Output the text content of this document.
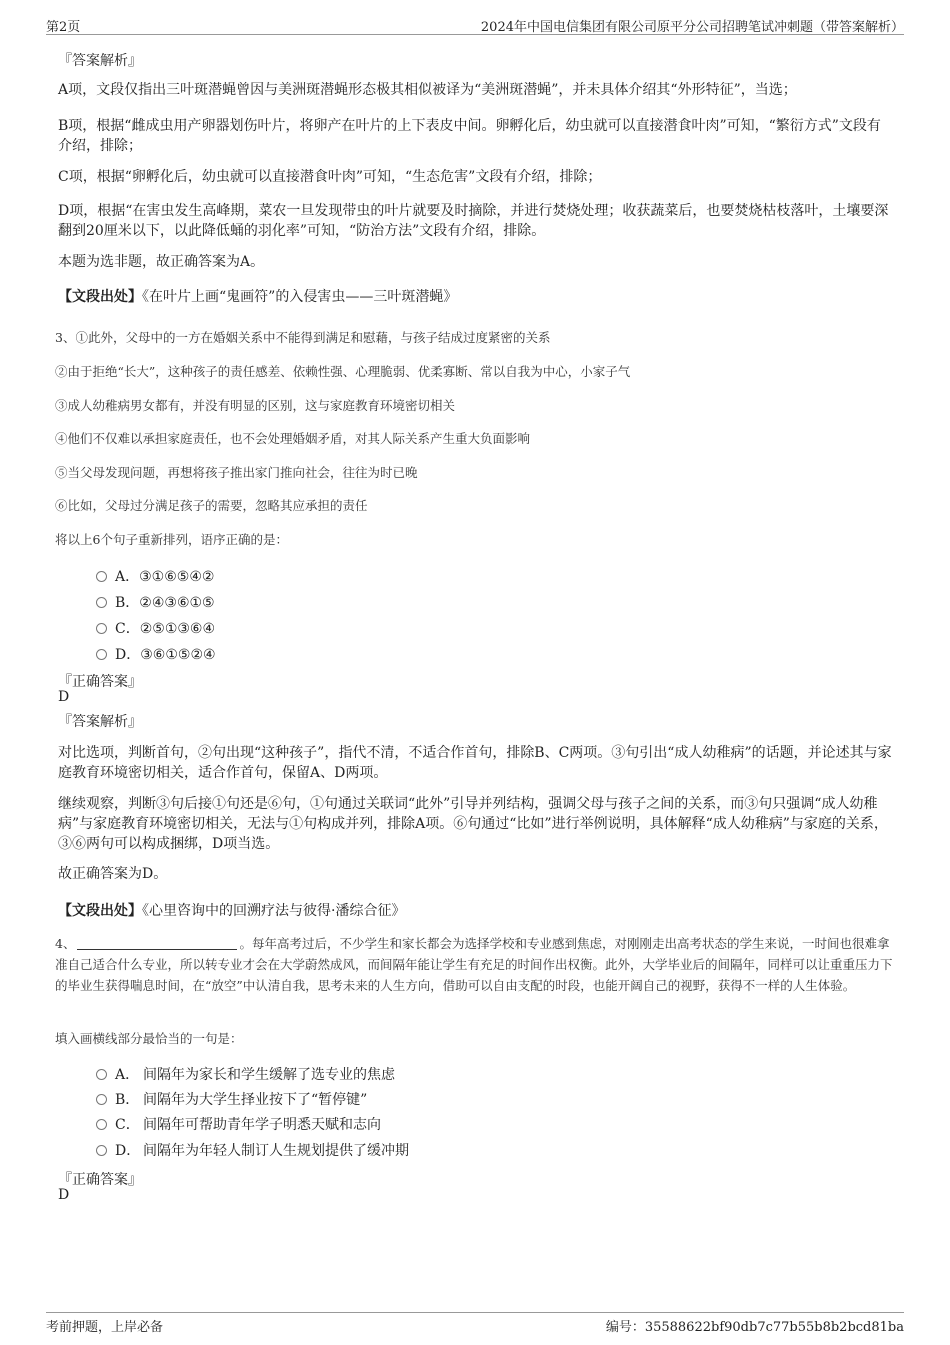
第2页	2024年中国电信集团有限公司原平分公司招聘笔试冲刺题（带答案解析）
『答案解析』
A项，文段仅指出三叶斑潜蝇曾因与美洲斑潜蝇形态极其相似被译为“美洲斑潜蝇”，并未具体介绍其“外形特征”，当选；
B项，根据“雌成虫用产卵器划伤叶片，将卵产在叶片的上下表皮中间。卵孵化后，幼虫就可以直接潜食叶肉”可知，“繁衍方式”文段有介绍，排除；
C项，根据“卵孵化后，幼虫就可以直接潜食叶肉”可知，“生态危害”文段有介绍，排除；
D项，根据“在害虫发生高峰期，菜农一旦发现带虫的叶片就要及时摘除，并进行焚烧处理；收获蔬菜后，也要焚烧枯枝落叶，土壤要深翻到20厘米以下，以此降低蛹的羽化率”可知，“防治方法”文段有介绍，排除。
本题为选非题，故正确答案为A。
【文段出处】《在叶片上画“鬼画符”的入侵害虫——三叶斑潜蝇》
3、①此外，父母中的一方在婚姻关系中不能得到满足和慰藉，与孩子结成过度紧密的关系
②由于拒绝“长大”，这种孩子的责任感差、依赖性强、心理脆弱、优柔寡断、常以自我为中心，小家子气
③成人幼稚病男女都有，并没有明显的区别，这与家庭教育环境密切相关
④他们不仅难以承担家庭责任，也不会处理婚姻矛盾，对其人际关系产生重大负面影响
⑤当父母发现问题，再想将孩子推出家门推向社会，往往为时已晚
⑥比如，父母过分满足孩子的需要，忽略其应承担的责任
将以上6个句子重新排列，语序正确的是：
A．③①⑥⑤④②
B．②④③⑥①⑤
C．②⑤①③⑥④
D．③⑥①⑤②④
『正确答案』
D
『答案解析』
对比选项，判断首句，②句出现“这种孩子”，指代不清，不适合作首句，排除B、C两项。③句引出“成人幼稚病”的话题，并论述其与家庭教育环境密切相关，适合作首句，保留A、D两项。
继续观察，判断③句后接①句还是⑥句，①句通过关联词“此外”引导并列结构，强调父母与孩子之间的关系，而③句只强调“成人幼稚病”与家庭教育环境密切相关，无法与①句构成并列，排除A项。⑥句通过“比如”进行举例说明，具体解释“成人幼稚病”与家庭的关系，③⑥两句可以构成捆绑，D项当选。
故正确答案为D。
【文段出处】《心里咨询中的回溯疗法与彼得·潘综合征》
4、	。每年高考过后，不少学生和家长都会为选择学校和专业感到焦虑，对刚刚走出高考状态的学生来说，一时间也很难拿准自己适合什么专业，所以转专业才会在大学蔚然成风，而间隔年能让学生有充足的时间作出权衡。此外，大学毕业后的间隔年，同样可以让重重压力下的毕业生获得喘息时间，在“放空”中认清自我，思考未来的人生方向，借助可以自由支配的时段，也能开阔自己的视野，获得不一样的人生体验。
填入画横线部分最恰当的一句是：
A． 间隔年为家长和学生缓解了选专业的焦虑
B． 间隔年为大学生择业按下了“暂停键”
C． 间隔年可帮助青年学子明悉天赋和志向
D． 间隔年为年轻人制订人生规划提供了缓冲期
『正确答案』
D
考前押题，上岸必备	编号：35588622bf90db7c77b55b8b2bcd81ba
